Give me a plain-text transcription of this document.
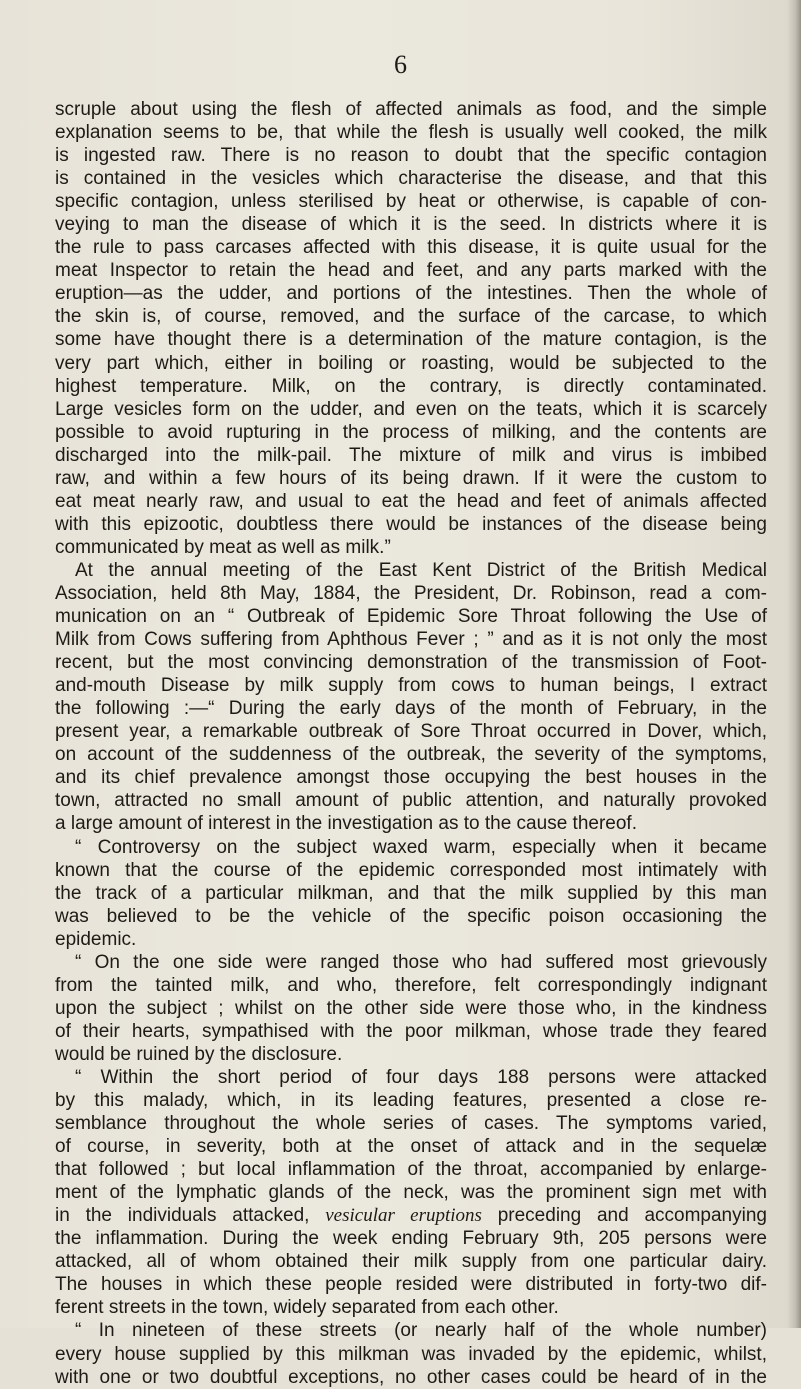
6
scruple about using the flesh of affected animals as food, and the simple
explanation seems to be, that while the flesh is usually well cooked, the milk
is ingested raw. There is no reason to doubt that the specific contagion
is contained in the vesicles which characterise the disease, and that this
specific contagion, unless sterilised by heat or otherwise, is capable of con-
veying to man the disease of which it is the seed. In districts where it is
the rule to pass carcases affected with this disease, it is quite usual for the
meat Inspector to retain the head and feet, and any parts marked with the
eruption—as the udder, and portions of the intestines. Then the whole of
the skin is, of course, removed, and the surface of the carcase, to which
some have thought there is a determination of the mature contagion, is the
very part which, either in boiling or roasting, would be subjected to the
highest temperature. Milk, on the contrary, is directly contaminated.
Large vesicles form on the udder, and even on the teats, which it is scarcely
possible to avoid rupturing in the process of milking, and the contents are
discharged into the milk-pail. The mixture of milk and virus is imbibed
raw, and within a few hours of its being drawn. If it were the custom to
eat meat nearly raw, and usual to eat the head and feet of animals affected
with this epizootic, doubtless there would be instances of the disease being
communicated by meat as well as milk.”
At the annual meeting of the East Kent District of the British Medical
Association, held 8th May, 1884, the President, Dr. Robinson, read a com-
munication on an “ Outbreak of Epidemic Sore Throat following the Use of
Milk from Cows suffering from Aphthous Fever ; ” and as it is not only the most
recent, but the most convincing demonstration of the transmission of Foot-
and-mouth Disease by milk supply from cows to human beings, I extract
the following :—“ During the early days of the month of February, in the
present year, a remarkable outbreak of Sore Throat occurred in Dover, which,
on account of the suddenness of the outbreak, the severity of the symptoms,
and its chief prevalence amongst those occupying the best houses in the
town, attracted no small amount of public attention, and naturally provoked
a large amount of interest in the investigation as to the cause thereof.
“ Controversy on the subject waxed warm, especially when it became
known that the course of the epidemic corresponded most intimately with
the track of a particular milkman, and that the milk supplied by this man
was believed to be the vehicle of the specific poison occasioning the
epidemic.
“ On the one side were ranged those who had suffered most grievously
from the tainted milk, and who, therefore, felt correspondingly indignant
upon the subject ; whilst on the other side were those who, in the kindness
of their hearts, sympathised with the poor milkman, whose trade they feared
would be ruined by the disclosure.
“ Within the short period of four days 188 persons were attacked
by this malady, which, in its leading features, presented a close re-
semblance throughout the whole series of cases. The symptoms varied,
of course, in severity, both at the onset of attack and in the sequelæ
that followed ; but local inflammation of the throat, accompanied by enlarge-
ment of the lymphatic glands of the neck, was the prominent sign met with
in the individuals attacked, vesicular eruptions preceding and accompanying
the inflammation. During the week ending February 9th, 205 persons were
attacked, all of whom obtained their milk supply from one particular dairy.
The houses in which these people resided were distributed in forty-two dif-
ferent streets in the town, widely separated from each other.
“ In nineteen of these streets (or nearly half of the whole number)
every house supplied by this milkman was invaded by the epidemic, whilst,
with one or two doubtful exceptions, no other cases could be heard of in the
